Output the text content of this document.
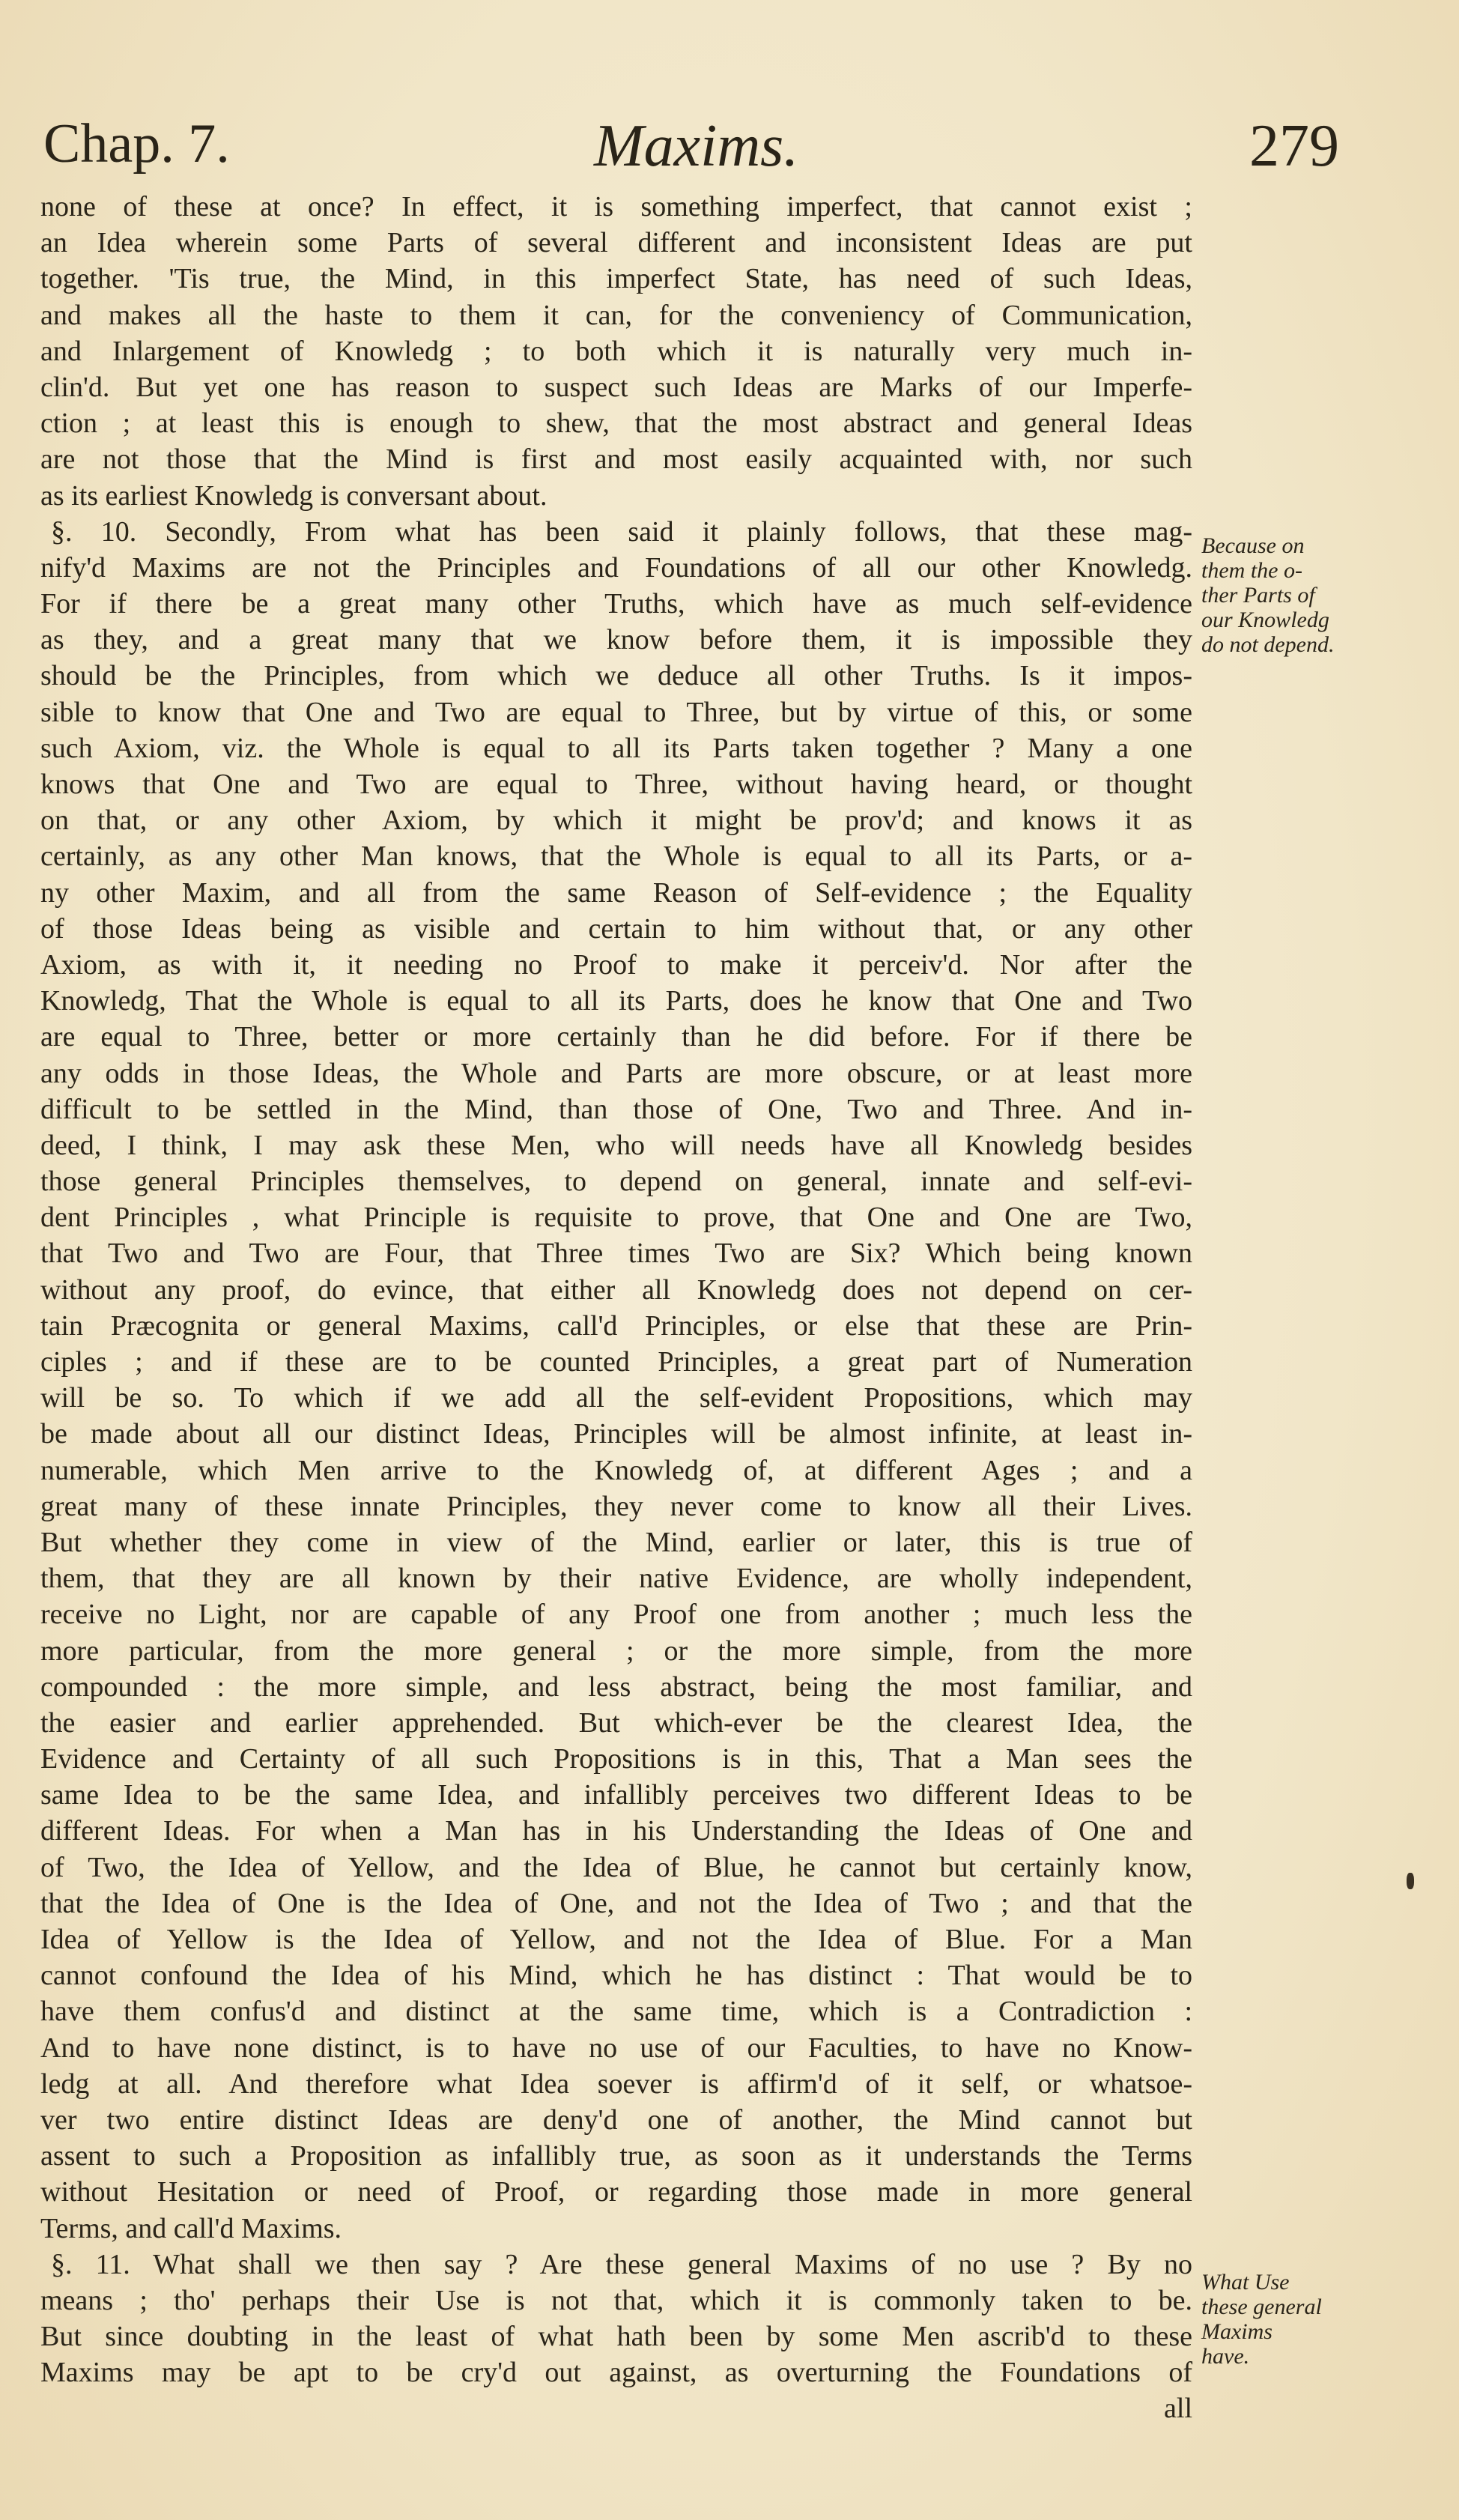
Chap. 7.	Maxims.	279
none of these at once? In effect, it is something imperfect, that cannot exist ;
an Idea wherein some Parts of several different and inconsistent Ideas are put
together. 'Tis true, the Mind, in this imperfect State, has need of such Ideas,
and makes all the haste to them it can, for the conveniency of Communication,
and Inlargement of Knowledg ; to both which it is naturally very much in-
clin'd. But yet one has reason to suspect such Ideas are Marks of our Imperfe-
ction ; at least this is enough to shew, that the most abstract and general Ideas
are not those that the Mind is first and most easily acquainted with, nor such
as its earliest Knowledg is conversant about.
§. 10. Secondly, From what has been said it plainly follows, that these mag-
nify'd Maxims are not the Principles and Foundations of all our other Knowledg.
For if there be a great many other Truths, which have as much self-evidence
as they, and a great many that we know before them, it is impossible they
should be the Principles, from which we deduce all other Truths. Is it impos-
sible to know that One and Two are equal to Three, but by virtue of this, or some
such Axiom, viz. the Whole is equal to all its Parts taken together ? Many a one
knows that One and Two are equal to Three, without having heard, or thought
on that, or any other Axiom, by which it might be prov'd; and knows it as
certainly, as any other Man knows, that the Whole is equal to all its Parts, or a-
ny other Maxim, and all from the same Reason of Self-evidence ; the Equality
of those Ideas being as visible and certain to him without that, or any other
Axiom, as with it, it needing no Proof to make it perceiv'd. Nor after the
Knowledg, That the Whole is equal to all its Parts, does he know that One and Two
are equal to Three, better or more certainly than he did before. For if there be
any odds in those Ideas, the Whole and Parts are more obscure, or at least more
difficult to be settled in the Mind, than those of One, Two and Three. And in-
deed, I think, I may ask these Men, who will needs have all Knowledg besides
those general Principles themselves, to depend on general, innate and self-evi-
dent Principles , what Principle is requisite to prove, that One and One are Two,
that Two and Two are Four, that Three times Two are Six? Which being known
without any proof, do evince, that either all Knowledg does not depend on cer-
tain Præcognita or general Maxims, call'd Principles, or else that these are Prin-
ciples ; and if these are to be counted Principles, a great part of Numeration
will be so. To which if we add all the self-evident Propositions, which may
be made about all our distinct Ideas, Principles will be almost infinite, at least in-
numerable, which Men arrive to the Knowledg of, at different Ages ; and a
great many of these innate Principles, they never come to know all their Lives.
But whether they come in view of the Mind, earlier or later, this is true of
them, that they are all known by their native Evidence, are wholly independent,
receive no Light, nor are capable of any Proof one from another ; much less the
more particular, from the more general ; or the more simple, from the more
compounded : the more simple, and less abstract, being the most familiar, and
the easier and earlier apprehended. But which-ever be the clearest Idea, the
Evidence and Certainty of all such Propositions is in this, That a Man sees the
same Idea to be the same Idea, and infallibly perceives two different Ideas to be
different Ideas. For when a Man has in his Understanding the Ideas of One and
of Two, the Idea of Yellow, and the Idea of Blue, he cannot but certainly know,
that the Idea of One is the Idea of One, and not the Idea of Two ; and that the
Idea of Yellow is the Idea of Yellow, and not the Idea of Blue. For a Man
cannot confound the Idea of his Mind, which he has distinct : That would be to
have them confus'd and distinct at the same time, which is a Contradiction :
And to have none distinct, is to have no use of our Faculties, to have no Know-
ledg at all. And therefore what Idea soever is affirm'd of it self, or whatsoe-
ver two entire distinct Ideas are deny'd one of another, the Mind cannot but
assent to such a Proposition as infallibly true, as soon as it understands the Terms
without Hesitation or need of Proof, or regarding those made in more general
Terms, and call'd Maxims.
§. 11. What shall we then say ? Are these general Maxims of no use ? By no
means ; tho' perhaps their Use is not that, which it is commonly taken to be.
But since doubting in the least of what hath been by some Men ascrib'd to these
Maxims may be apt to be cry'd out against, as overturning the Foundations of
all
Because on
them the o-
ther Parts of
our Knowledg
do not depend.
What Use
these general
Maxims
have.
